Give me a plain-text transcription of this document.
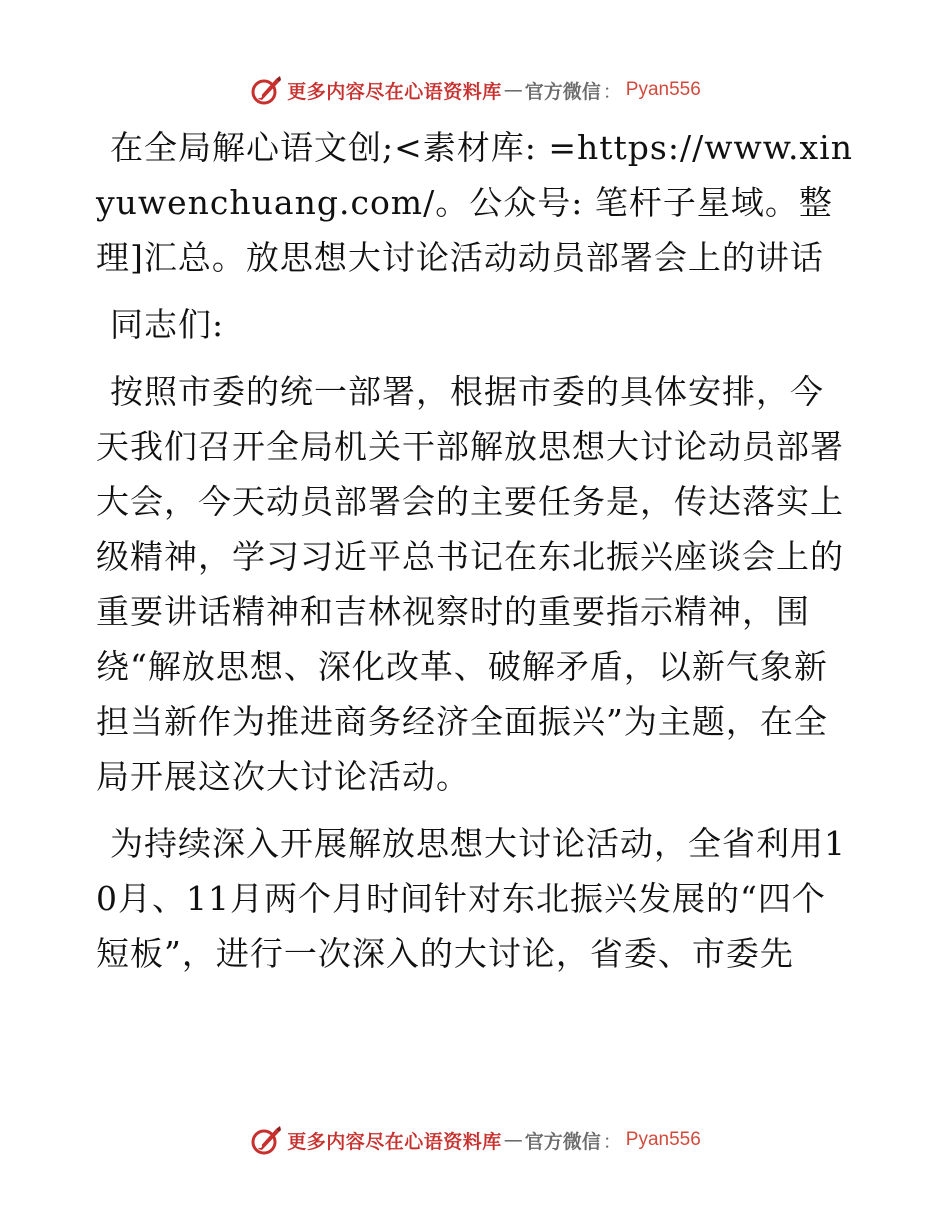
更多内容尽在心语资料库 — 官方微信 ： Pyan556

在全局解心语文创;<素材库: =https://www.xinyuwenchuang.com/。公众号: 笔杆子星域。整理]汇总。放思想大讨论活动动员部署会上的讲话

同志们:

按照市委的统一部署，根据市委的具体安排，今天我们召开全局机关干部解放思想大讨论动员部署大会，今天动员部署会的主要任务是，传达落实上级精神，学习习近平总书记在东北振兴座谈会上的重要讲话精神和吉林视察时的重要指示精神，围绕“解放思想、深化改革、破解矛盾，以新气象新担当新作为推进商务经济全面振兴”为主题，在全局开展这次大讨论活动。

为持续深入开展解放思想大讨论活动，全省利用10月、11月两个月时间针对东北振兴发展的“四个短板”，进行一次深入的大讨论，省委、市委先

更多内容尽在心语资料库 — 官方微信 ： Pyan556
